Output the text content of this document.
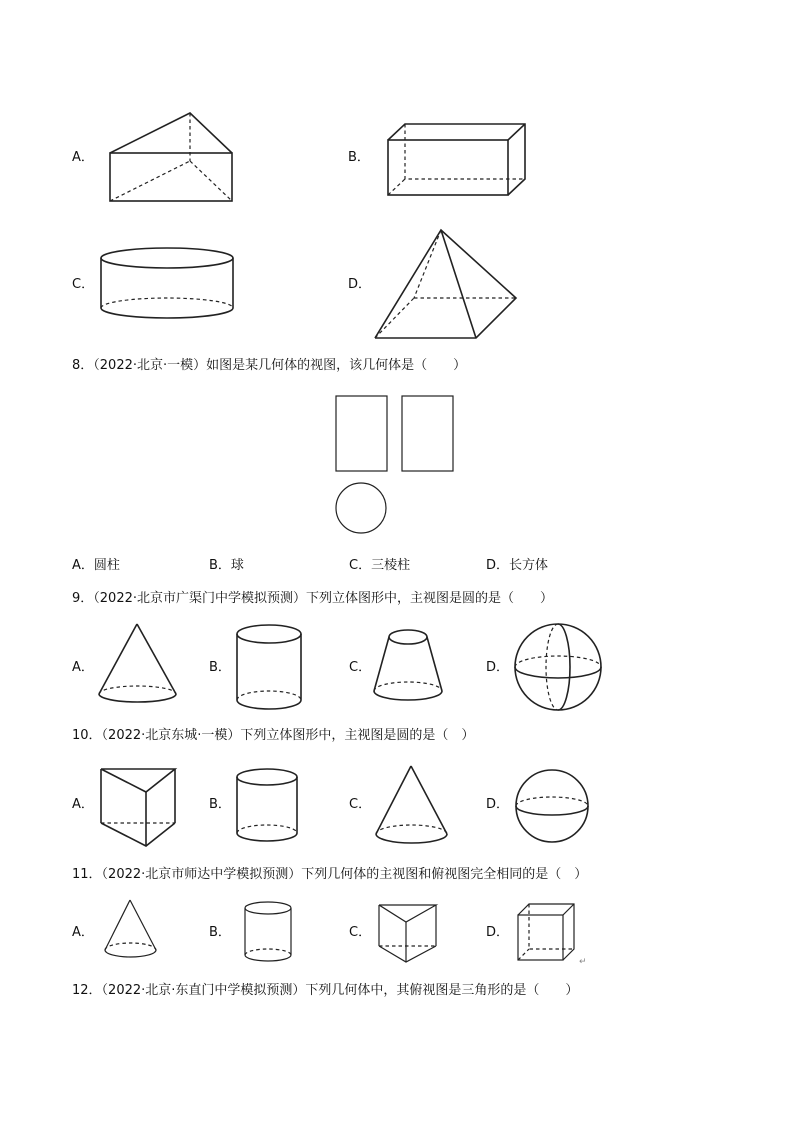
A．	B．
C．	D．
8．（2022·北京·一模）如图是某几何体的视图，该几何体是（　　）
A．圆柱	B．球	C．三棱柱	D．长方体
9．（2022·北京市广渠门中学模拟预测）下列立体图形中，主视图是圆的是（　　）
A．	B．	C．	D．
10．（2022·北京东城·一模）下列立体图形中，主视图是圆的是（　）
A．	B．	C．	D．
11．（2022·北京市师达中学模拟预测）下列几何体的主视图和俯视图完全相同的是（　）
A．	B．	C．	D．
↵
12．（2022·北京·东直门中学模拟预测）下列几何体中，其俯视图是三角形的是（　　）
